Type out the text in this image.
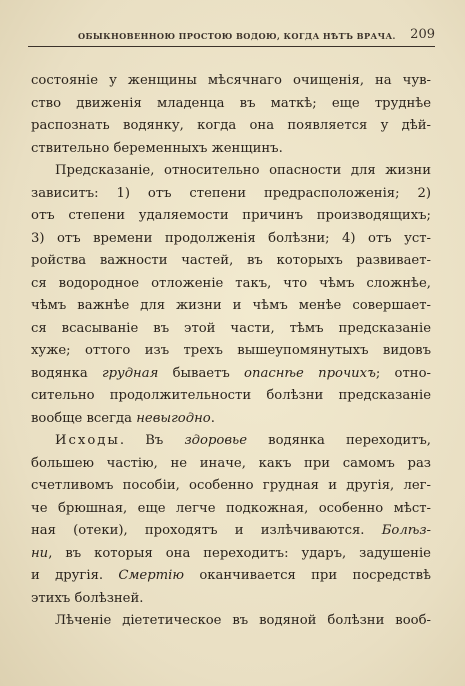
ОБЫКНОВЕННОЮ ПРОСТОЮ ВОДОЮ, КОГДА НѢТЪ ВРАЧА. 209
состояніе у женщины мѣсячнаго очищенія, на чув-
ство движенія младенца въ маткѣ; еще труднѣе
распознать водянку, когда она появляется у дѣй-
ствительно беременныхъ женщинъ.
Предсказаніе, относительно опасности для жизни
зависитъ: 1) отъ степени предрасположенія; 2)
отъ степени удаляемости причинъ производящихъ;
3) отъ времени продолженія болѣзни; 4) отъ уст-
ройства важности частей, въ которыхъ развивает-
ся водородное отложеніе такъ, что чѣмъ сложнѣе,
чѣмъ важнѣе для жизни и чѣмъ менѣе совершает-
ся всасываніе въ этой части, тѣмъ предсказаніе
хуже; оттого изъ трехъ вышеупомянутыхъ видовъ
водянка грудная бываетъ опаснѣе прочихъ; отно-
сительно продолжительности болѣзни предсказаніе
вообще всегда невыгодно.
Исходы. Въ здоровье водянка переходитъ,
большею частію, не иначе, какъ при самомъ раз
счетливомъ пособіи, особенно грудная и другія, лег-
че брюшная, еще легче подкожная, особенно мѣст-
ная (отеки), проходятъ и излѣчиваются. Болѣз-
ни, въ которыя она переходитъ: ударъ, задушеніе
и другія. Смертію оканчивается при посредствѣ
этихъ болѣзней.
Лѣченіе діететическое въ водяной болѣзни вооб-
